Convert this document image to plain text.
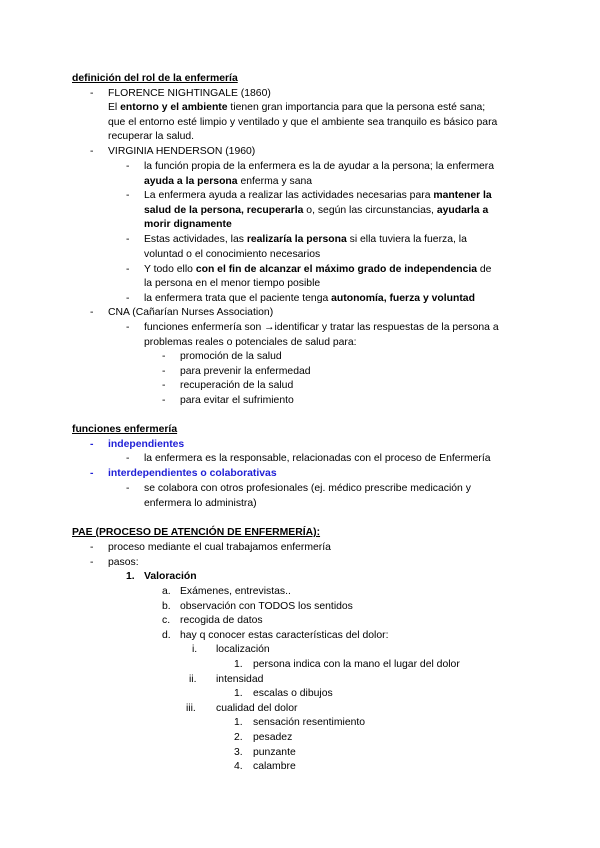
definición del rol de la enfermería
- FLORENCE NIGHTINGALE (1860)
El entorno y el ambiente tienen gran importancia para que la persona esté sana;
que el entorno esté limpio y ventilado y que el ambiente sea tranquilo es básico para
recuperar la salud.
- VIRGINIA HENDERSON (1960)
- la función propia de la enfermera es la de ayudar a la persona; la enfermera
ayuda a la persona enferma y sana
- La enfermera ayuda a realizar las actividades necesarias para mantener la
salud de la persona, recuperarla o, según las circunstancias, ayudarla a
morir dignamente
- Estas actividades, las realizaría la persona si ella tuviera la fuerza, la
voluntad o el conocimiento necesarios
- Y todo ello con el fin de alcanzar el máximo grado de independencia de
la persona en el menor tiempo posible
- la enfermera trata que el paciente tenga autonomía, fuerza y voluntad
- CNA (Cañarían Nurses Association)
- funciones enfermería son →identificar y tratar las respuestas de la persona a
problemas reales o potenciales de salud para:
- promoción de la salud
- para prevenir la enfermedad
- recuperación de la salud
- para evitar el sufrimiento
funciones enfermería
- independientes
- la enfermera es la responsable, relacionadas con el proceso de Enfermería
- interdependientes o colaborativas
- se colabora con otros profesionales (ej. médico prescribe medicación y
enfermera lo administra)
PAE (PROCESO DE ATENCIÓN DE ENFERMERÍA):
- proceso mediante el cual trabajamos enfermería
- pasos:
1. Valoración
a. Exámenes, entrevistas..
b. observación con TODOS los sentidos
c. recogida de datos
d. hay q conocer estas características del dolor:
i. localización
1. persona indica con la mano el lugar del dolor
ii. intensidad
1. escalas o dibujos
iii. cualidad del dolor
1. sensación resentimiento
2. pesadez
3. punzante
4. calambre
